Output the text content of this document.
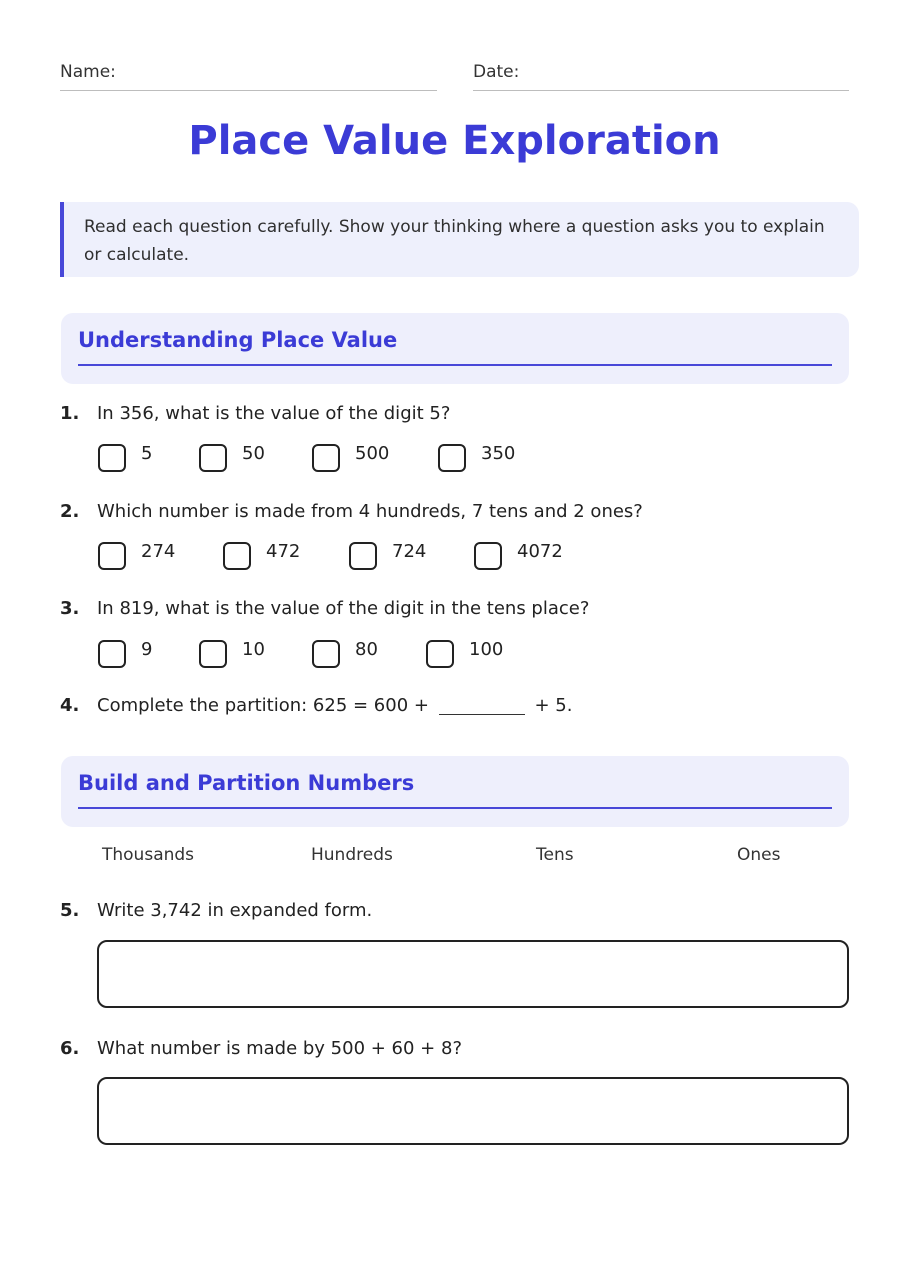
Name:	Date:
Place Value Exploration
Read each question carefully. Show your thinking where a question asks you to explain or calculate.
Understanding Place Value
1. In 356, what is the value of the digit 5?
5	50	500	350
2. Which number is made from 4 hundreds, 7 tens and 2 ones?
274	472	724	4072
3. In 819, what is the value of the digit in the tens place?
9	10	80	100
4. Complete the partition: 625 = 600 +	+ 5.
Build and Partition Numbers
Thousands	Hundreds	Tens	Ones
5. Write 3,742 in expanded form.
6. What number is made by 500 + 60 + 8?
